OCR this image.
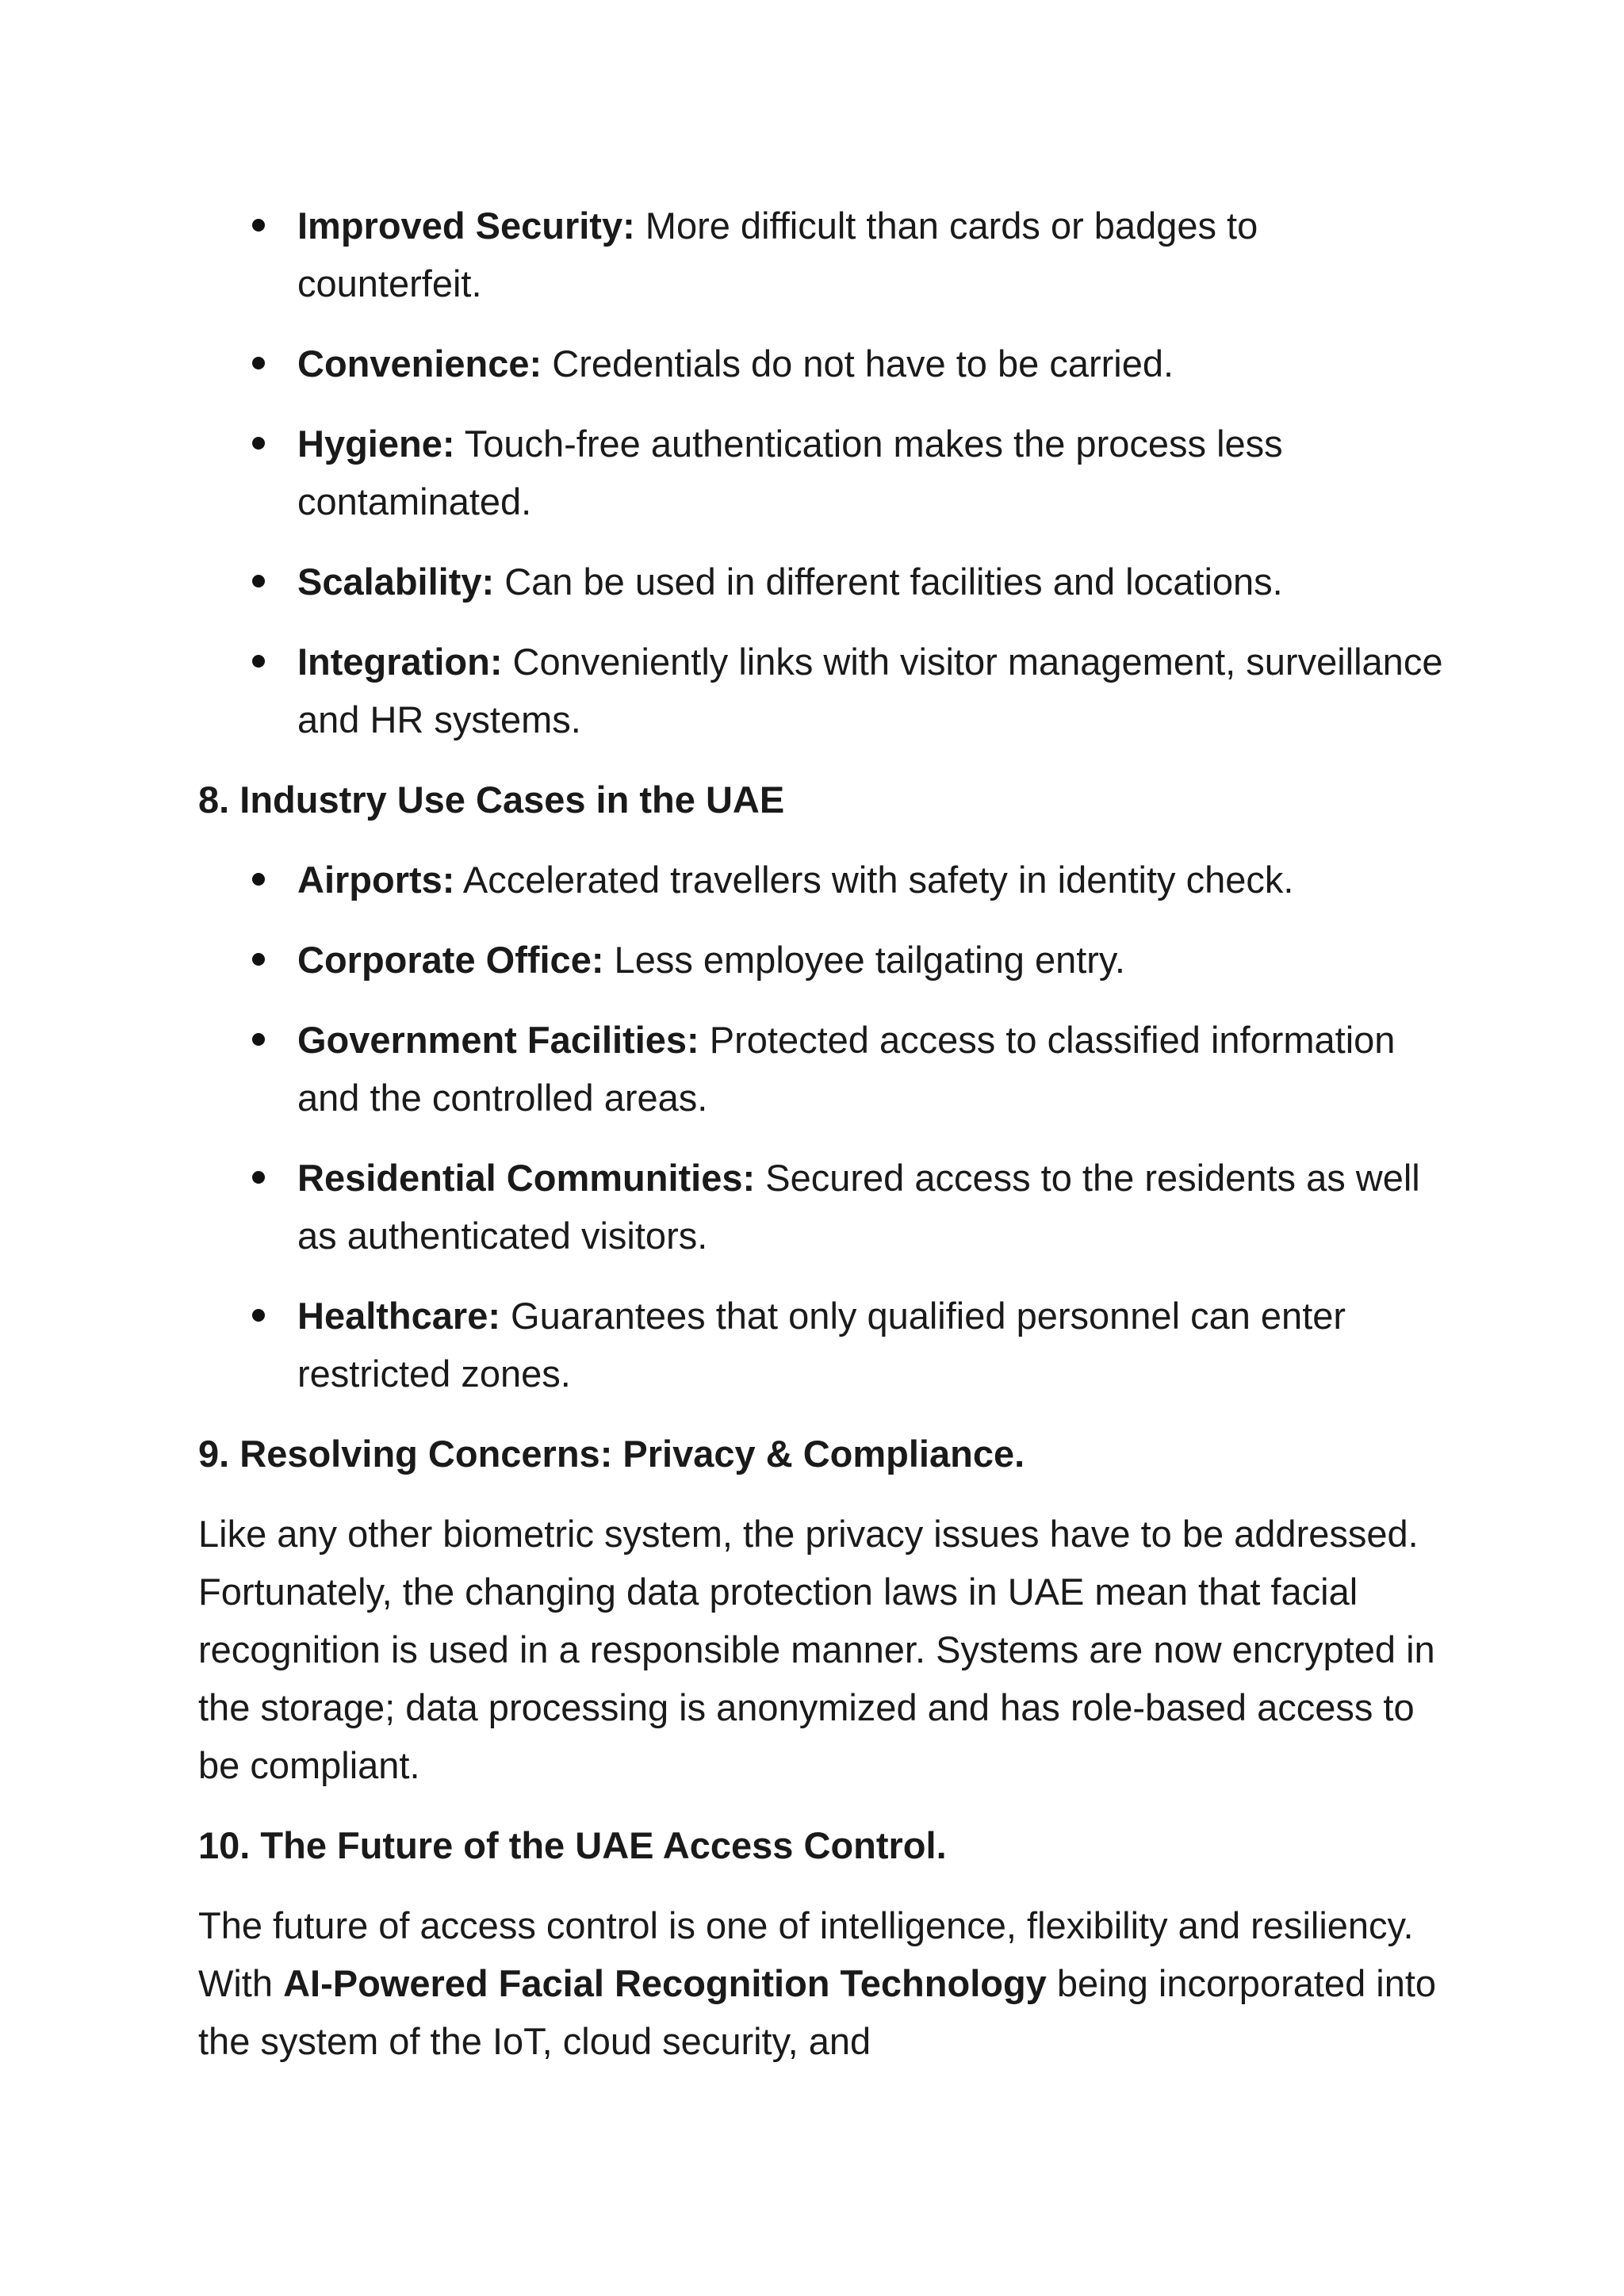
Improved Security: More difficult than cards or badges to counterfeit.
Convenience: Credentials do not have to be carried.
Hygiene: Touch-free authentication makes the process less contaminated.
Scalability: Can be used in different facilities and locations.
Integration: Conveniently links with visitor management, surveillance and HR systems.
8. Industry Use Cases in the UAE
Airports: Accelerated travellers with safety in identity check.
Corporate Office: Less employee tailgating entry.
Government Facilities: Protected access to classified information and the controlled areas.
Residential Communities: Secured access to the residents as well as authenticated visitors.
Healthcare: Guarantees that only qualified personnel can enter restricted zones.
9. Resolving Concerns: Privacy & Compliance.

Like any other biometric system, the privacy issues have to be addressed. Fortunately, the changing data protection laws in UAE mean that facial recognition is used in a responsible manner. Systems are now encrypted in the storage; data processing is anonymized and has role-based access to be compliant.

10. The Future of the UAE Access Control.

The future of access control is one of intelligence, flexibility and resiliency. With AI-Powered Facial Recognition Technology being incorporated into the system of the IoT, cloud security, and
